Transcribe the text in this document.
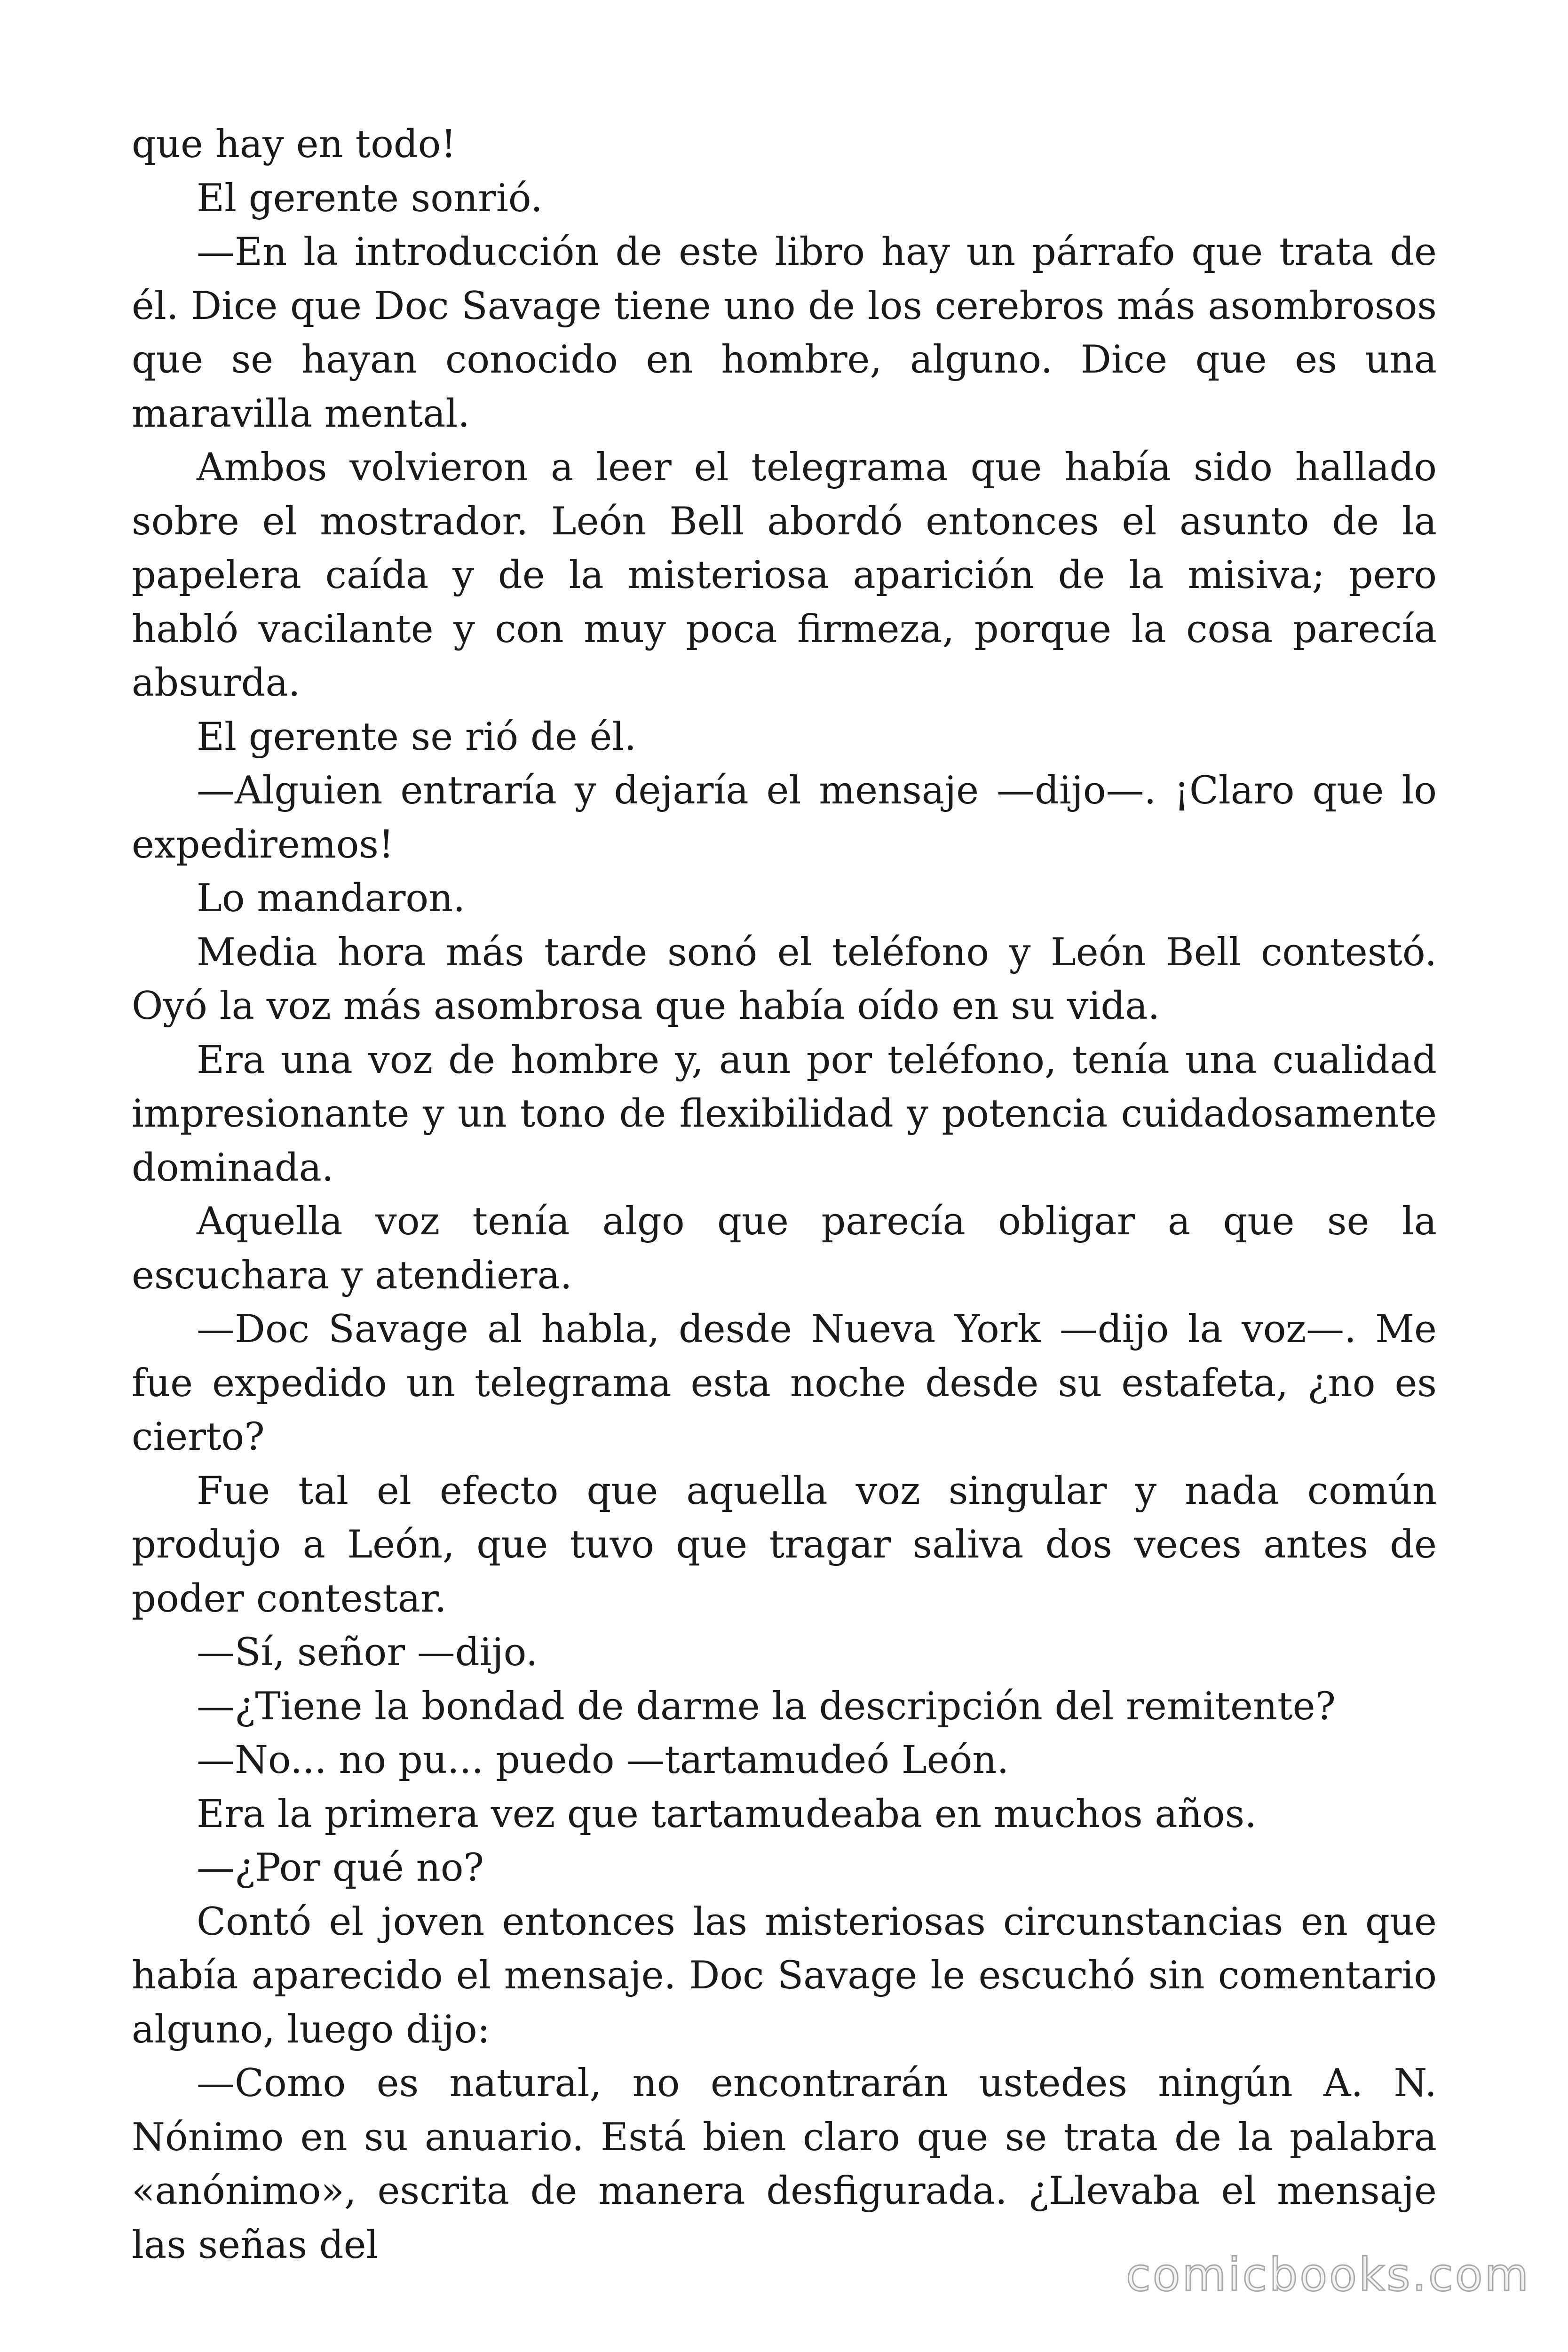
que hay en todo!

El gerente sonrió.

—En la introducción de este libro hay un párrafo que trata de él. Dice que Doc Savage tiene uno de los cerebros más asombrosos que se hayan conocido en hombre, alguno. Dice que es una maravilla mental.

Ambos volvieron a leer el telegrama que había sido hallado sobre el mostrador. León Bell abordó entonces el asunto de la papelera caída y de la misteriosa aparición de la misiva; pero habló vacilante y con muy poca firmeza, porque la cosa parecía absurda.

El gerente se rió de él.

—Alguien entraría y dejaría el mensaje —dijo—. ¡Claro que lo expediremos!

Lo mandaron.

Media hora más tarde sonó el teléfono y León Bell contestó. Oyó la voz más asombrosa que había oído en su vida.

Era una voz de hombre y, aun por teléfono, tenía una cualidad impresionante y un tono de flexibilidad y potencia cuidadosamente dominada.

Aquella voz tenía algo que parecía obligar a que se la escuchara y atendiera.

—Doc Savage al habla, desde Nueva York —dijo la voz—. Me fue expedido un telegrama esta noche desde su estafeta, ¿no es cierto?

Fue tal el efecto que aquella voz singular y nada común produjo a León, que tuvo que tragar saliva dos veces antes de poder contestar.

—Sí, señor —dijo.

—¿Tiene la bondad de darme la descripción del remitente?

—No... no pu... puedo —tartamudeó León.

Era la primera vez que tartamudeaba en muchos años.

—¿Por qué no?

Contó el joven entonces las misteriosas circunstancias en que había aparecido el mensaje. Doc Savage le escuchó sin comentario alguno, luego dijo:

—Como es natural, no encontrarán ustedes ningún A. N. Nónimo en su anuario. Está bien claro que se trata de la palabra «anónimo», escrita de manera desfigurada. ¿Llevaba el mensaje las señas del

comicbooks.com
